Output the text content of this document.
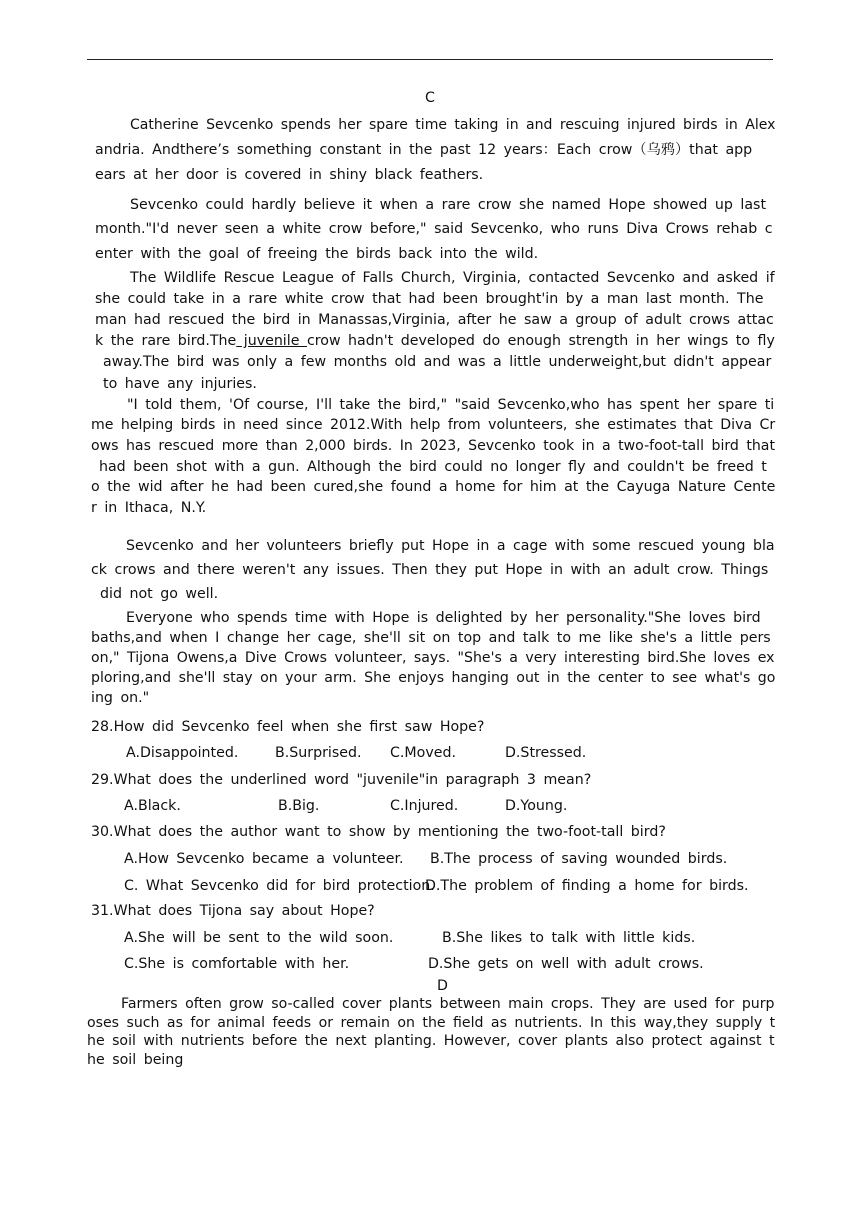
C
Catherine Sevcenko spends her spare time taking in and rescuing injured birds in Alex
andria. Andthere’s something constant in the past 12 years：Each crow（乌鸦）that app
ears at her door is covered in shiny black feathers.
Sevcenko could hardly believe it when a rare crow she named Hope showed up last
month."I'd never seen a white crow before," said Sevcenko, who runs Diva Crows rehab c
enter with the goal of freeing the birds back into the wild.
The Wildlife Rescue League of Falls Church, Virginia, contacted Sevcenko and asked if
she could take in a rare white crow that had been brought'in by a man last month. The
man had rescued the bird in Manassas,Virginia, after he saw a group of adult crows attac
k the rare bird.The juvenile crow hadn't developed do enough strength in her wings to fly
away.The bird was only a few months old and was a little underweight,but didn't appear
to have any injuries.
"I told them, 'Of course, I'll take the bird," "said Sevcenko,who has spent her spare ti
me helping birds in need since 2012.With help from volunteers, she estimates that Diva Cr
ows has rescued more than 2,000 birds. In 2023, Sevcenko took in a two-foot-tall bird that
had been shot with a gun. Although the bird could no longer fly and couldn't be freed t
o the wid after he had been cured,she found a home for him at the Cayuga Nature Cente
r in Ithaca, N.Y.
Sevcenko and her volunteers briefly put Hope in a cage with some rescued young bla
ck crows and there weren't any issues. Then they put Hope in with an adult crow. Things
did not go well.
Everyone who spends time with Hope is delighted by her personality."She loves bird
baths,and when I change her cage, she'll sit on top and talk to me like she's a little pers
on," Tijona Owens,a Dive Crows volunteer, says. "She's a very interesting bird.She loves ex
ploring,and she'll stay on your arm. She enjoys hanging out in the center to see what's go
ing on."
28.How did Sevcenko feel when she first saw Hope?
A.Disappointed.	B.Surprised. C.Moved.	D.Stressed.
29.What does the underlined word "juvenile"in paragraph 3 mean?
A.Black.	B.Big.	C.Injured.	D.Young.
30.What does the author want to show by mentioning the two-foot-tall bird?
A.How Sevcenko became a volunteer. B.The process of saving wounded birds.
C. What Sevcenko did for bird protection.
D.The problem of finding a home for birds.
31.What does Tijona say about Hope?
A.She will be sent to the wild soon.	B.She likes to talk with little kids.
C.She is comfortable with her.	D.She gets on well with adult crows.
D
Farmers often grow so-called cover plants between main crops. They are used for purp
oses such as for animal feeds or remain on the field as nutrients. In this way,they supply t
he soil with nutrients before the next planting. However, cover plants also protect against t
he soil being
